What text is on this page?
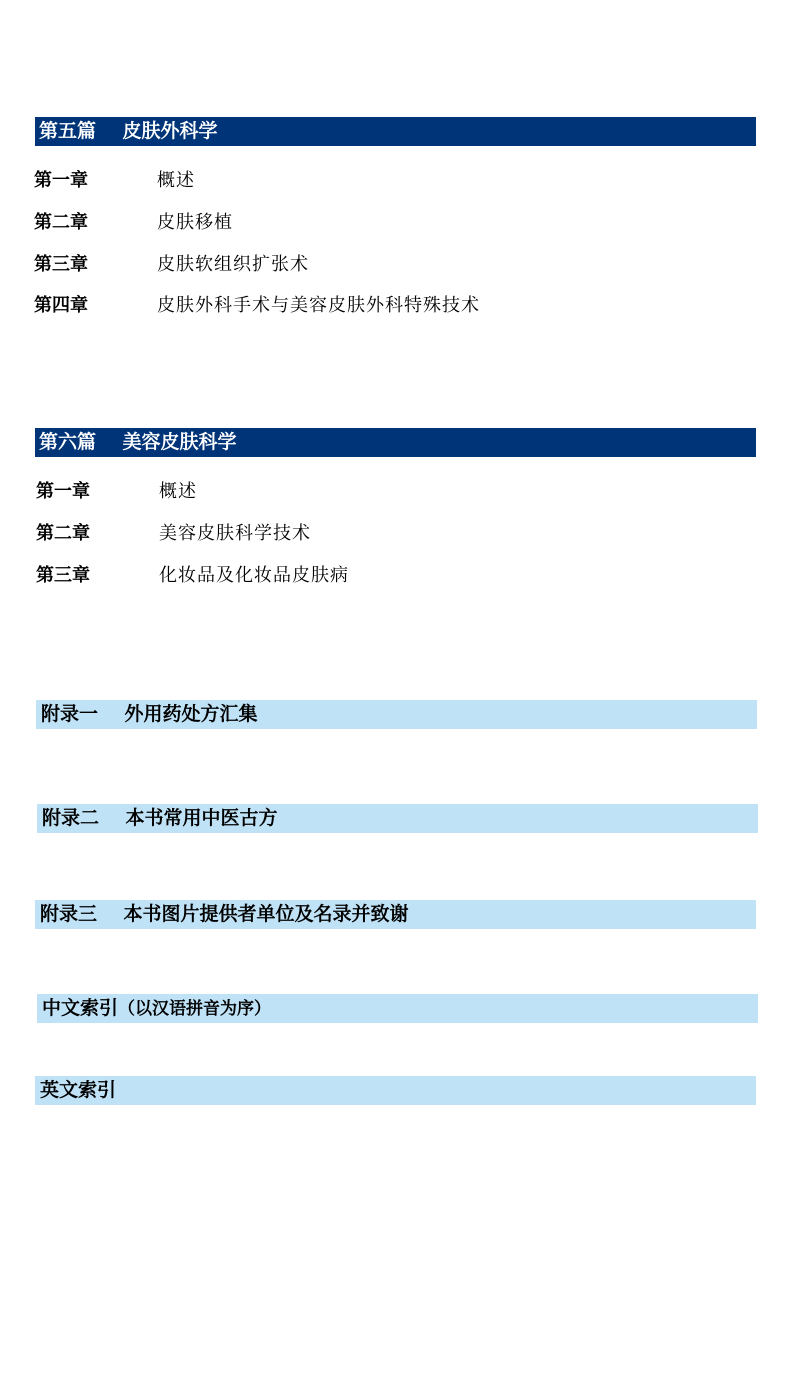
第五篇    皮肤外科学
第一章	概述
第二章	皮肤移植
第三章	皮肤软组织扩张术
第四章	皮肤外科手术与美容皮肤外科特殊技术
第六篇    美容皮肤科学
第一章	概述
第二章	美容皮肤科学技术
第三章	化妆品及化妆品皮肤病
附录一    外用药处方汇集
附录二    本书常用中医古方
附录三    本书图片提供者单位及名录并致谢
中文索引（以汉语拼音为序）
英文索引
